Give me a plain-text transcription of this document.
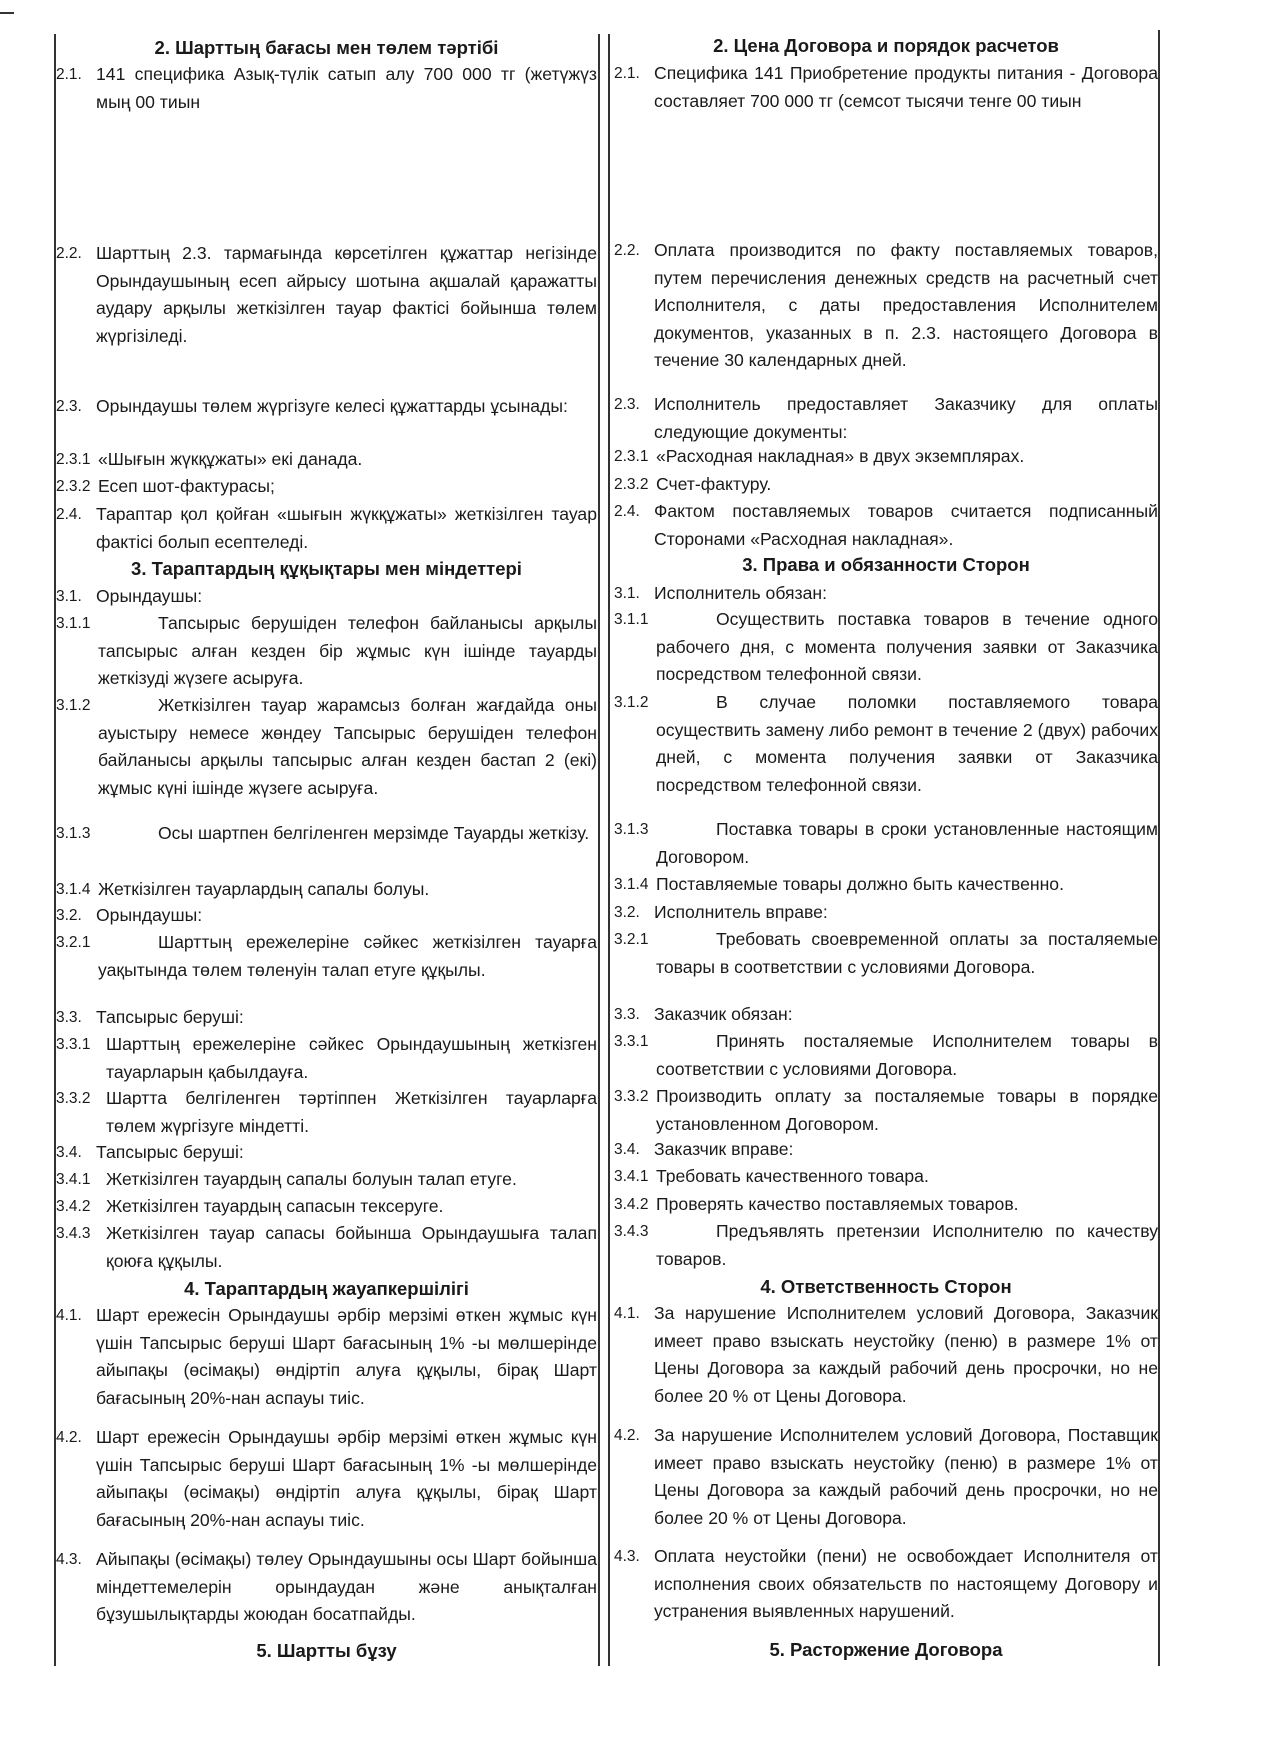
2. Шарттың бағасы мен төлем тәртібі
2.1. 141 спецификa Азық-түлік сатып алу 700 000 тг (жетүжүз мың 00 тиын
2.2. Шарттың 2.3. тармағында көрсетілген құжаттар негізінде Орындаушының есеп айрысу шотына ақшалай қаражатты аудару арқылы жеткізілген тауар фактісі бойынша төлем жүргізіледі.
2.3. Орындаушы төлем жүргізуге келесі құжаттарды ұсынады:
2.3.1 «Шығын жүкқұжаты» екі данада.
2.3.2 Есеп шот-фактурасы;
2.4. Тараптар қол қойған «шығын жүкқұжаты» жеткізілген тауар фактісі болып есептеледі.
3. Тараптардың құқықтары мен міндеттері
3.1. Орындаушы:
3.1.1	Тапсырыс берушіден телефон байланысы арқылы тапсырыс алған кезден бір жұмыс күн ішінде тауарды жеткізуді жүзеге асыруға.
3.1.2	Жеткізілген тауар жарамсыз болған жағдайда оны ауыстыру немесе жөндеу Тапсырыс берушіден телефон байланысы арқылы тапсырыс алған кезден бастап 2 (екі) жұмыс күні ішінде жүзеге асыруға.
3.1.3	Осы шартпен белгіленген мерзімде Тауарды жеткізу.
3.1.4 Жеткізілген тауарлардың сапалы болуы.
3.2. Орындаушы:
3.2.1	Шарттың ережелеріне сәйкес жеткізілген тауарға уақытында төлем төленуін талап етуге құқылы.
3.3. Тапсырыс беруші:
3.3.1 Шарттың ережелеріне сәйкес Орындаушының жеткізген тауарларын қабылдауға.
3.3.2 Шартта белгіленген тәртіппен Жеткізілген тауарларға төлем жүргізуге міндетті.
3.4. Тапсырыс беруші:
3.4.1 Жеткізілген тауардың сапалы болуын талап етуге.
3.4.2 Жеткізілген тауардың сапасын тексеруге.
3.4.3 Жеткізілген тауар сапасы бойынша Орындаушыға талап қоюға құқылы.
4. Тараптардың жауапкершілігі
4.1. Шарт ережесін Орындаушы әрбір мерзімі өткен жұмыс күн үшін Тапсырыс беруші Шарт бағасының 1% -ы мөлшерінде айыпақы (өсімақы) өндіртіп алуға құқылы, бірақ Шарт бағасының 20%-нан аспауы тиіс.
4.2. Шарт ережесін Орындаушы әрбір мерзімі өткен жұмыс күн үшін Тапсырыс беруші Шарт бағасының 1% -ы мөлшерінде айыпақы (өсімақы) өндіртіп алуға құқылы, бірақ Шарт бағасының 20%-нан аспауы тиіс.
4.3. Айыпақы (өсімақы) төлеу Орындаушыны осы Шарт бойынша міндеттемелерін орындаудан және анықталған бұзушылықтарды жоюдан босатпайды.
5. Шартты бұзу
2. Цена Договора и порядок расчетов
2.1. Спецификa 141 Приобретение продукты питания - Договора составляет 700 000 тг (семсот тысячи тенге 00 тиын
2.2. Оплата производится по факту поставляемых товаров, путем перечисления денежных средств на расчетный счет Исполнителя, с даты предоставления Исполнителем документов, указанных в п. 2.3. настоящего Договора в течение 30 календарных дней.
2.3. Исполнитель предоставляет Заказчику для оплаты следующие документы:
2.3.1 «Расходная накладная» в двух экземплярах.
2.3.2 Счет-фактуру.
2.4. Фактом поставляемых товаров считается подписанный Сторонами «Расходная накладная».
3. Права и обязанности Сторон
3.1. Исполнитель обязан:
3.1.1	Осуществить поставка товаров в течение одного рабочего дня, с момента получения заявки от Заказчика посредством телефонной связи.
3.1.2	В случае поломки поставляемого товара осуществить замену либо ремонт в течение 2 (двух) рабочих дней, с момента получения заявки от Заказчика посредством телефонной связи.
3.1.3	Поставка товары в сроки установленные настоящим Договором.
3.1.4 Поставляемые товары должно быть качественно.
3.2. Исполнитель вправе:
3.2.1	Требовать своевременной оплаты за посталяемые товары в соответствии с условиями Договора.
3.3. Заказчик обязан:
3.3.1	Принять посталяемые Исполнителем товары в соответствии с условиями Договора.
3.3.2 Производить оплату за посталяемые товары в порядке установленном Договором.
3.4. Заказчик вправе:
3.4.1 Требовать качественного товара.
3.4.2 Проверять качество поставляемых товаров.
3.4.3	Предъявлять претензии Исполнителю по качеству товаров.
4. Ответственность Сторон
4.1. За нарушение Исполнителем условий Договора, Заказчик имеет право взыскать неустойку (пеню) в размере 1% от Цены Договора за каждый рабочий день просрочки, но не более 20 % от Цены Договора.
4.2. За нарушение Исполнителем условий Договора, Поставщик имеет право взыскать неустойку (пеню) в размере 1% от Цены Договора за каждый рабочий день просрочки, но не более 20 % от Цены Договора.
4.3. Оплата неустойки (пени) не освобождает Исполнителя от исполнения своих обязательств по настоящему Договору и устранения выявленных нарушений.
5. Расторжение Договора
